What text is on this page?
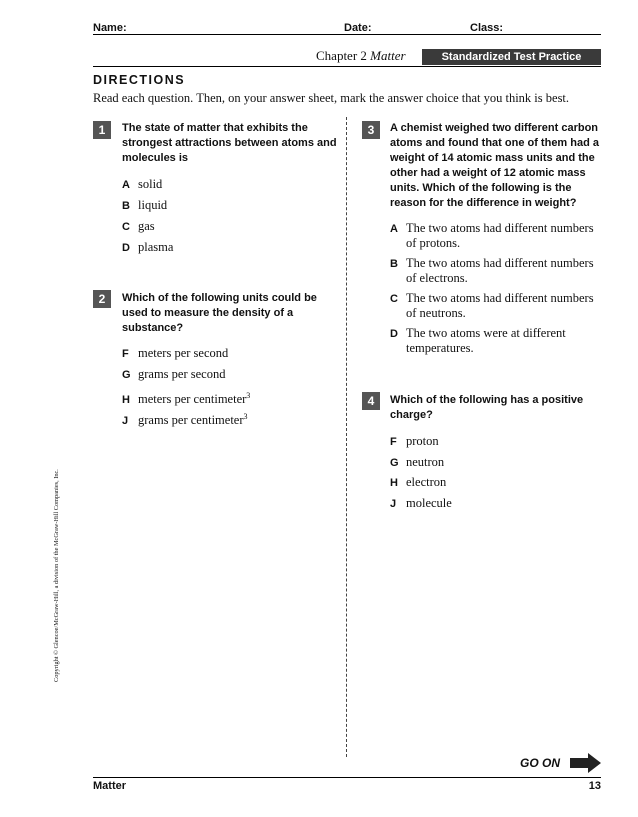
Name:	Date:	Class:
Chapter 2 Matter	Standardized Test Practice
DIRECTIONS
Read each question. Then, on your answer sheet, mark the answer choice that you think is best.
1	The state of matter that exhibits the
strongest attractions between atoms and
molecules is
A solid
B liquid
C gas
D plasma
2	Which of the following units could be
used to measure the density of a
substance?
F meters per second
G grams per second
H meters per centimeter$^3$
J grams per centimeter$^3$
3	A chemist weighed two different carbon
atoms and found that one of them had a
weight of 14 atomic mass units and the
other had a weight of 12 atomic mass
units. Which of the following is the
reason for the difference in weight?
A The two atoms had different numbers
of protons.
B The two atoms had different numbers
of electrons.
C The two atoms had different numbers
of neutrons.
D The two atoms were at different
temperatures.
4	Which of the following has a positive
charge?
F proton
G neutron
H electron
J molecule
Copyright © Glencoe/McGraw-Hill, a division of the McGraw-Hill Companies, Inc.
GO ON
Matter	13
